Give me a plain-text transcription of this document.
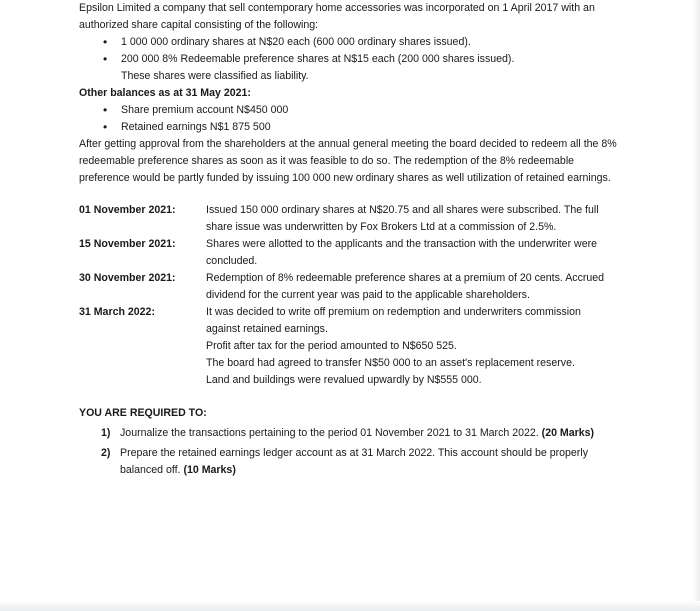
Epsilon Limited a company that sell contemporary home accessories was incorporated on 1 April 2017 with an authorized share capital consisting of the following:

• 1 000 000 ordinary shares at N$20 each (600 000 ordinary shares issued).
• 200 000 8% Redeemable preference shares at N$15 each (200 000 shares issued).

These shares were classified as liability.

Other balances as at 31 May 2021:

• Share premium account N$450 000
• Retained earnings N$1 875 500

After getting approval from the shareholders at the annual general meeting the board decided to redeem all the 8% redeemable preference shares as soon as it was feasible to do so. The redemption of the 8% redeemable preference would be partly funded by issuing 100 000 new ordinary shares as well utilization of retained earnings.

01 November 2021:	Issued 150 000 ordinary shares at N$20.75 and all shares were subscribed. The full share issue was underwritten by Fox Brokers Ltd at a commission of 2.5%.
15 November 2021:	Shares were allotted to the applicants and the transaction with the underwriter were concluded.
30 November 2021:	Redemption of 8% redeemable preference shares at a premium of 20 cents. Accrued dividend for the current year was paid to the applicable shareholders.
31 March 2022:	It was decided to write off premium on redemption and underwriters commission against retained earnings.
Profit after tax for the period amounted to N$650 525.
The board had agreed to transfer N$50 000 to an asset's replacement reserve.
Land and buildings were revalued upwardly by N$555 000.

YOU ARE REQUIRED TO:

1) Journalize the transactions pertaining to the period 01 November 2021 to 31 March 2022. (20 Marks)
2) Prepare the retained earnings ledger account as at 31 March 2022. This account should be properly balanced off. (10 Marks)
